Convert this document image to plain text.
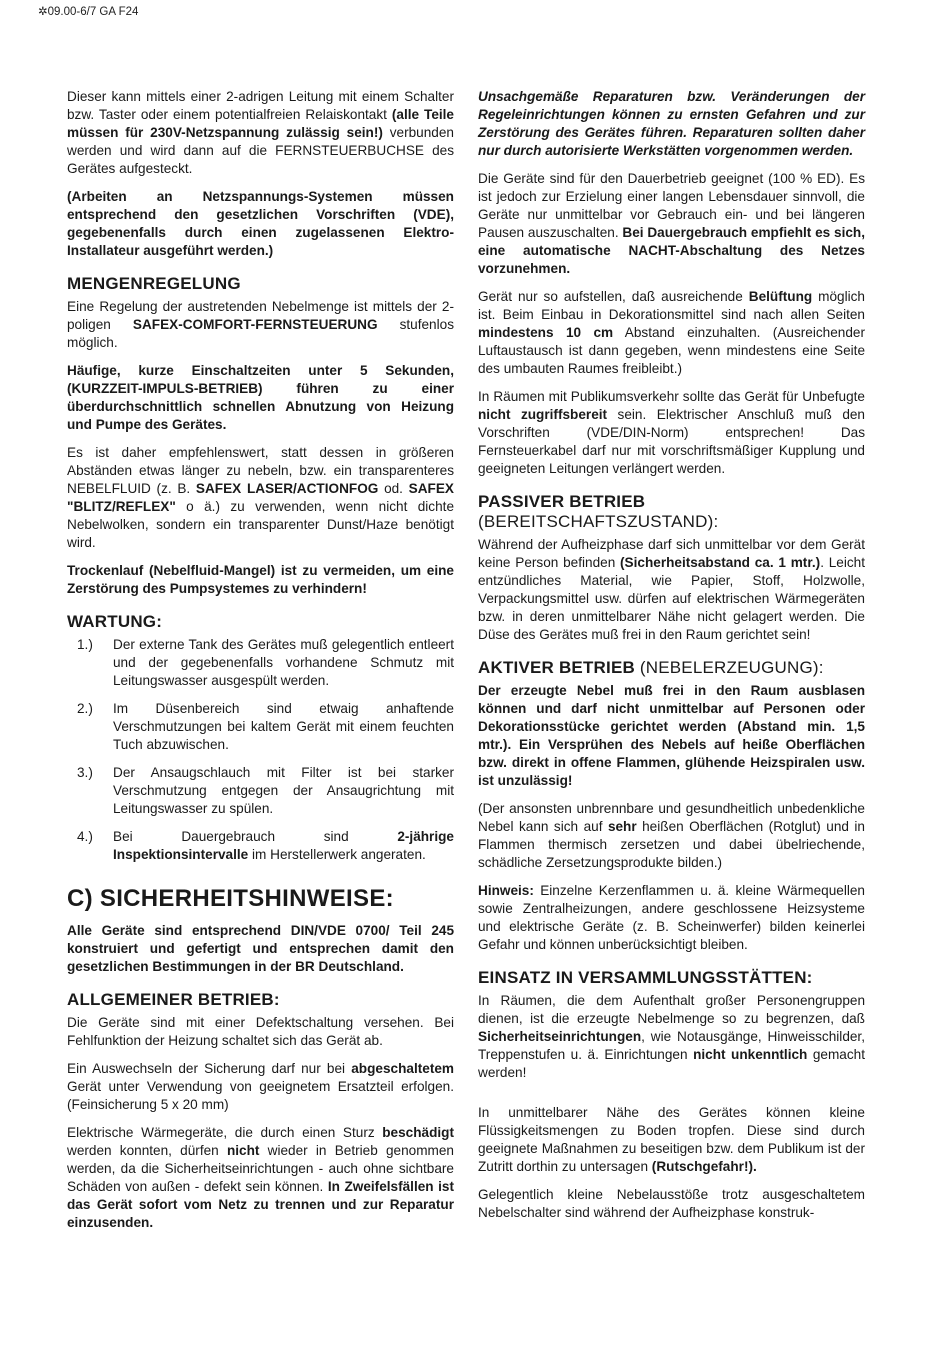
✲09.00-6/7 GA F24

Dieser kann mittels einer 2-adrigen Leitung mit einem Schalter bzw. Taster oder einem potentialfreien Relaiskontakt (alle Teile müssen für 230V-Netzspannung zulässig sein!) verbunden werden und wird dann auf die FERNSTEUERBUCHSE des Gerätes aufgesteckt.

(Arbeiten an Netzspannungs-Systemen müssen entsprechend den gesetzlichen Vorschriften (VDE), gegebenenfalls durch einen zugelassenen Elektro-Installateur ausgeführt werden.)

MENGENREGELUNG

Eine Regelung der austretenden Nebelmenge ist mittels der 2-poligen SAFEX-COMFORT-FERNSTEUERUNG stufenlos möglich.

Häufige, kurze Einschaltzeiten unter 5 Sekunden, (KURZZEIT-IMPULS-BETRIEB) führen zu einer überdurchschnittlich schnellen Abnutzung von Heizung und Pumpe des Gerätes.

Es ist daher empfehlenswert, statt dessen in größeren Abständen etwas länger zu nebeln, bzw. ein transparenteres NEBELFLUID (z. B. SAFEX LASER/ACTIONFOG od. SAFEX "BLITZ/REFLEX" o ä.) zu verwenden, wenn nicht dichte Nebelwolken, sondern ein transparenter Dunst/Haze benötigt wird.

Trockenlauf (Nebelfluid-Mangel) ist zu vermeiden, um eine Zerstörung des Pumpsystemes zu verhindern!

WARTUNG:
1.)	Der externe Tank des Gerätes muß gelegentlich entleert und der gegebenenfalls vorhandene Schmutz mit Leitungswasser ausgespült werden.
2.)	Im Düsenbereich sind etwaig anhaftende Verschmutzungen bei kaltem Gerät mit einem feuchten Tuch abzuwischen.
3.)	Der Ansaugschlauch mit Filter ist bei starker Verschmutzung entgegen der Ansaugrichtung mit Leitungswasser zu spülen.
4.)	Bei Dauergebrauch sind 2-jährige Inspektionsintervalle im Herstellerwerk angeraten.
C) SICHERHEITSHINWEISE:

Alle Geräte sind entsprechend DIN/VDE 0700/ Teil 245 konstruiert und gefertigt und entsprechen damit den gesetzlichen Bestimmungen in der BR Deutschland.

ALLGEMEINER BETRIEB:

Die Geräte sind mit einer Defektschaltung versehen. Bei Fehlfunktion der Heizung schaltet sich das Gerät ab.

Ein Auswechseln der Sicherung darf nur bei abgeschaltetem Gerät unter Verwendung von geeignetem Ersatzteil erfolgen. (Feinsicherung 5 x 20 mm)

Elektrische Wärmegeräte, die durch einen Sturz beschädigt werden konnten, dürfen nicht wieder in Betrieb genommen werden, da die Sicherheitseinrichtungen - auch ohne sichtbare Schäden von außen - defekt sein können. In Zweifelsfällen ist das Gerät sofort vom Netz zu trennen und zur Reparatur einzusenden.

Unsachgemäße Reparaturen bzw. Veränderungen der Regeleinrichtungen können zu ernsten Gefahren und zur Zerstörung des Gerätes führen. Reparaturen sollten daher nur durch autorisierte Werkstätten vorgenommen werden.

Die Geräte sind für den Dauerbetrieb geeignet (100 % ED). Es ist jedoch zur Erzielung einer langen Lebensdauer sinnvoll, die Geräte nur unmittelbar vor Gebrauch ein- und bei längeren Pausen auszuschalten. Bei Dauergebrauch empfiehlt es sich, eine automatische NACHT-Abschaltung des Netzes vorzunehmen.

Gerät nur so aufstellen, daß ausreichende Belüftung möglich ist. Beim Einbau in Dekorationsmittel sind nach allen Seiten mindestens 10 cm Abstand einzuhalten. (Ausreichender Luftaustausch ist dann gegeben, wenn mindestens eine Seite des umbauten Raumes freibleibt.)

In Räumen mit Publikumsverkehr sollte das Gerät für Unbefugte nicht zugriffsbereit sein. Elektrischer Anschluß muß den Vorschriften (VDE/DIN-Norm) entsprechen! Das Fernsteuerkabel darf nur mit vorschriftsmäßiger Kupplung und geeigneten Leitungen verlängert werden.

PASSIVER BETRIEB (BEREITSCHAFTSZUSTAND):

Während der Aufheizphase darf sich unmittelbar vor dem Gerät keine Person befinden (Sicherheitsabstand ca. 1 mtr.). Leicht entzündliches Material, wie Papier, Stoff, Holzwolle, Verpackungsmittel usw. dürfen auf elektrischen Wärmegeräten bzw. in deren unmittelbarer Nähe nicht gelagert werden. Die Düse des Gerätes muß frei in den Raum gerichtet sein!

AKTIVER BETRIEB (NEBELERZEUGUNG):

Der erzeugte Nebel muß frei in den Raum ausblasen können und darf nicht unmittelbar auf Personen oder Dekorationsstücke gerichtet werden (Abstand min. 1,5 mtr.). Ein Versprühen des Nebels auf heiße Oberflächen bzw. direkt in offene Flammen, glühende Heizspiralen usw. ist unzulässig!

(Der ansonsten unbrennbare und gesundheitlich unbedenkliche Nebel kann sich auf sehr heißen Oberflächen (Rotglut) und in Flammen thermisch zersetzen und dabei übelriechende, schädliche Zersetzungsprodukte bilden.)

Hinweis: Einzelne Kerzenflammen u. ä. kleine Wärmequellen sowie Zentralheizungen, andere geschlossene Heizsysteme und elektrische Geräte (z. B. Scheinwerfer) bilden keinerlei Gefahr und können unberücksichtigt bleiben.

EINSATZ IN VERSAMMLUNGSSTÄTTEN:

In Räumen, die dem Aufenthalt großer Personengruppen dienen, ist die erzeugte Nebelmenge so zu begrenzen, daß Sicherheitseinrichtungen, wie Notausgänge, Hinweisschilder, Treppenstufen u. ä. Einrichtungen nicht unkenntlich gemacht werden!

In unmittelbarer Nähe des Gerätes können kleine Flüssigkeitsmengen zu Boden tropfen. Diese sind durch geeignete Maßnahmen zu beseitigen bzw. dem Publikum ist der Zutritt dorthin zu untersagen (Rutschgefahr!).

Gelegentlich kleine Nebelausstöße trotz ausgeschaltetem Nebelschalter sind während der Aufheizphase konstruk-
